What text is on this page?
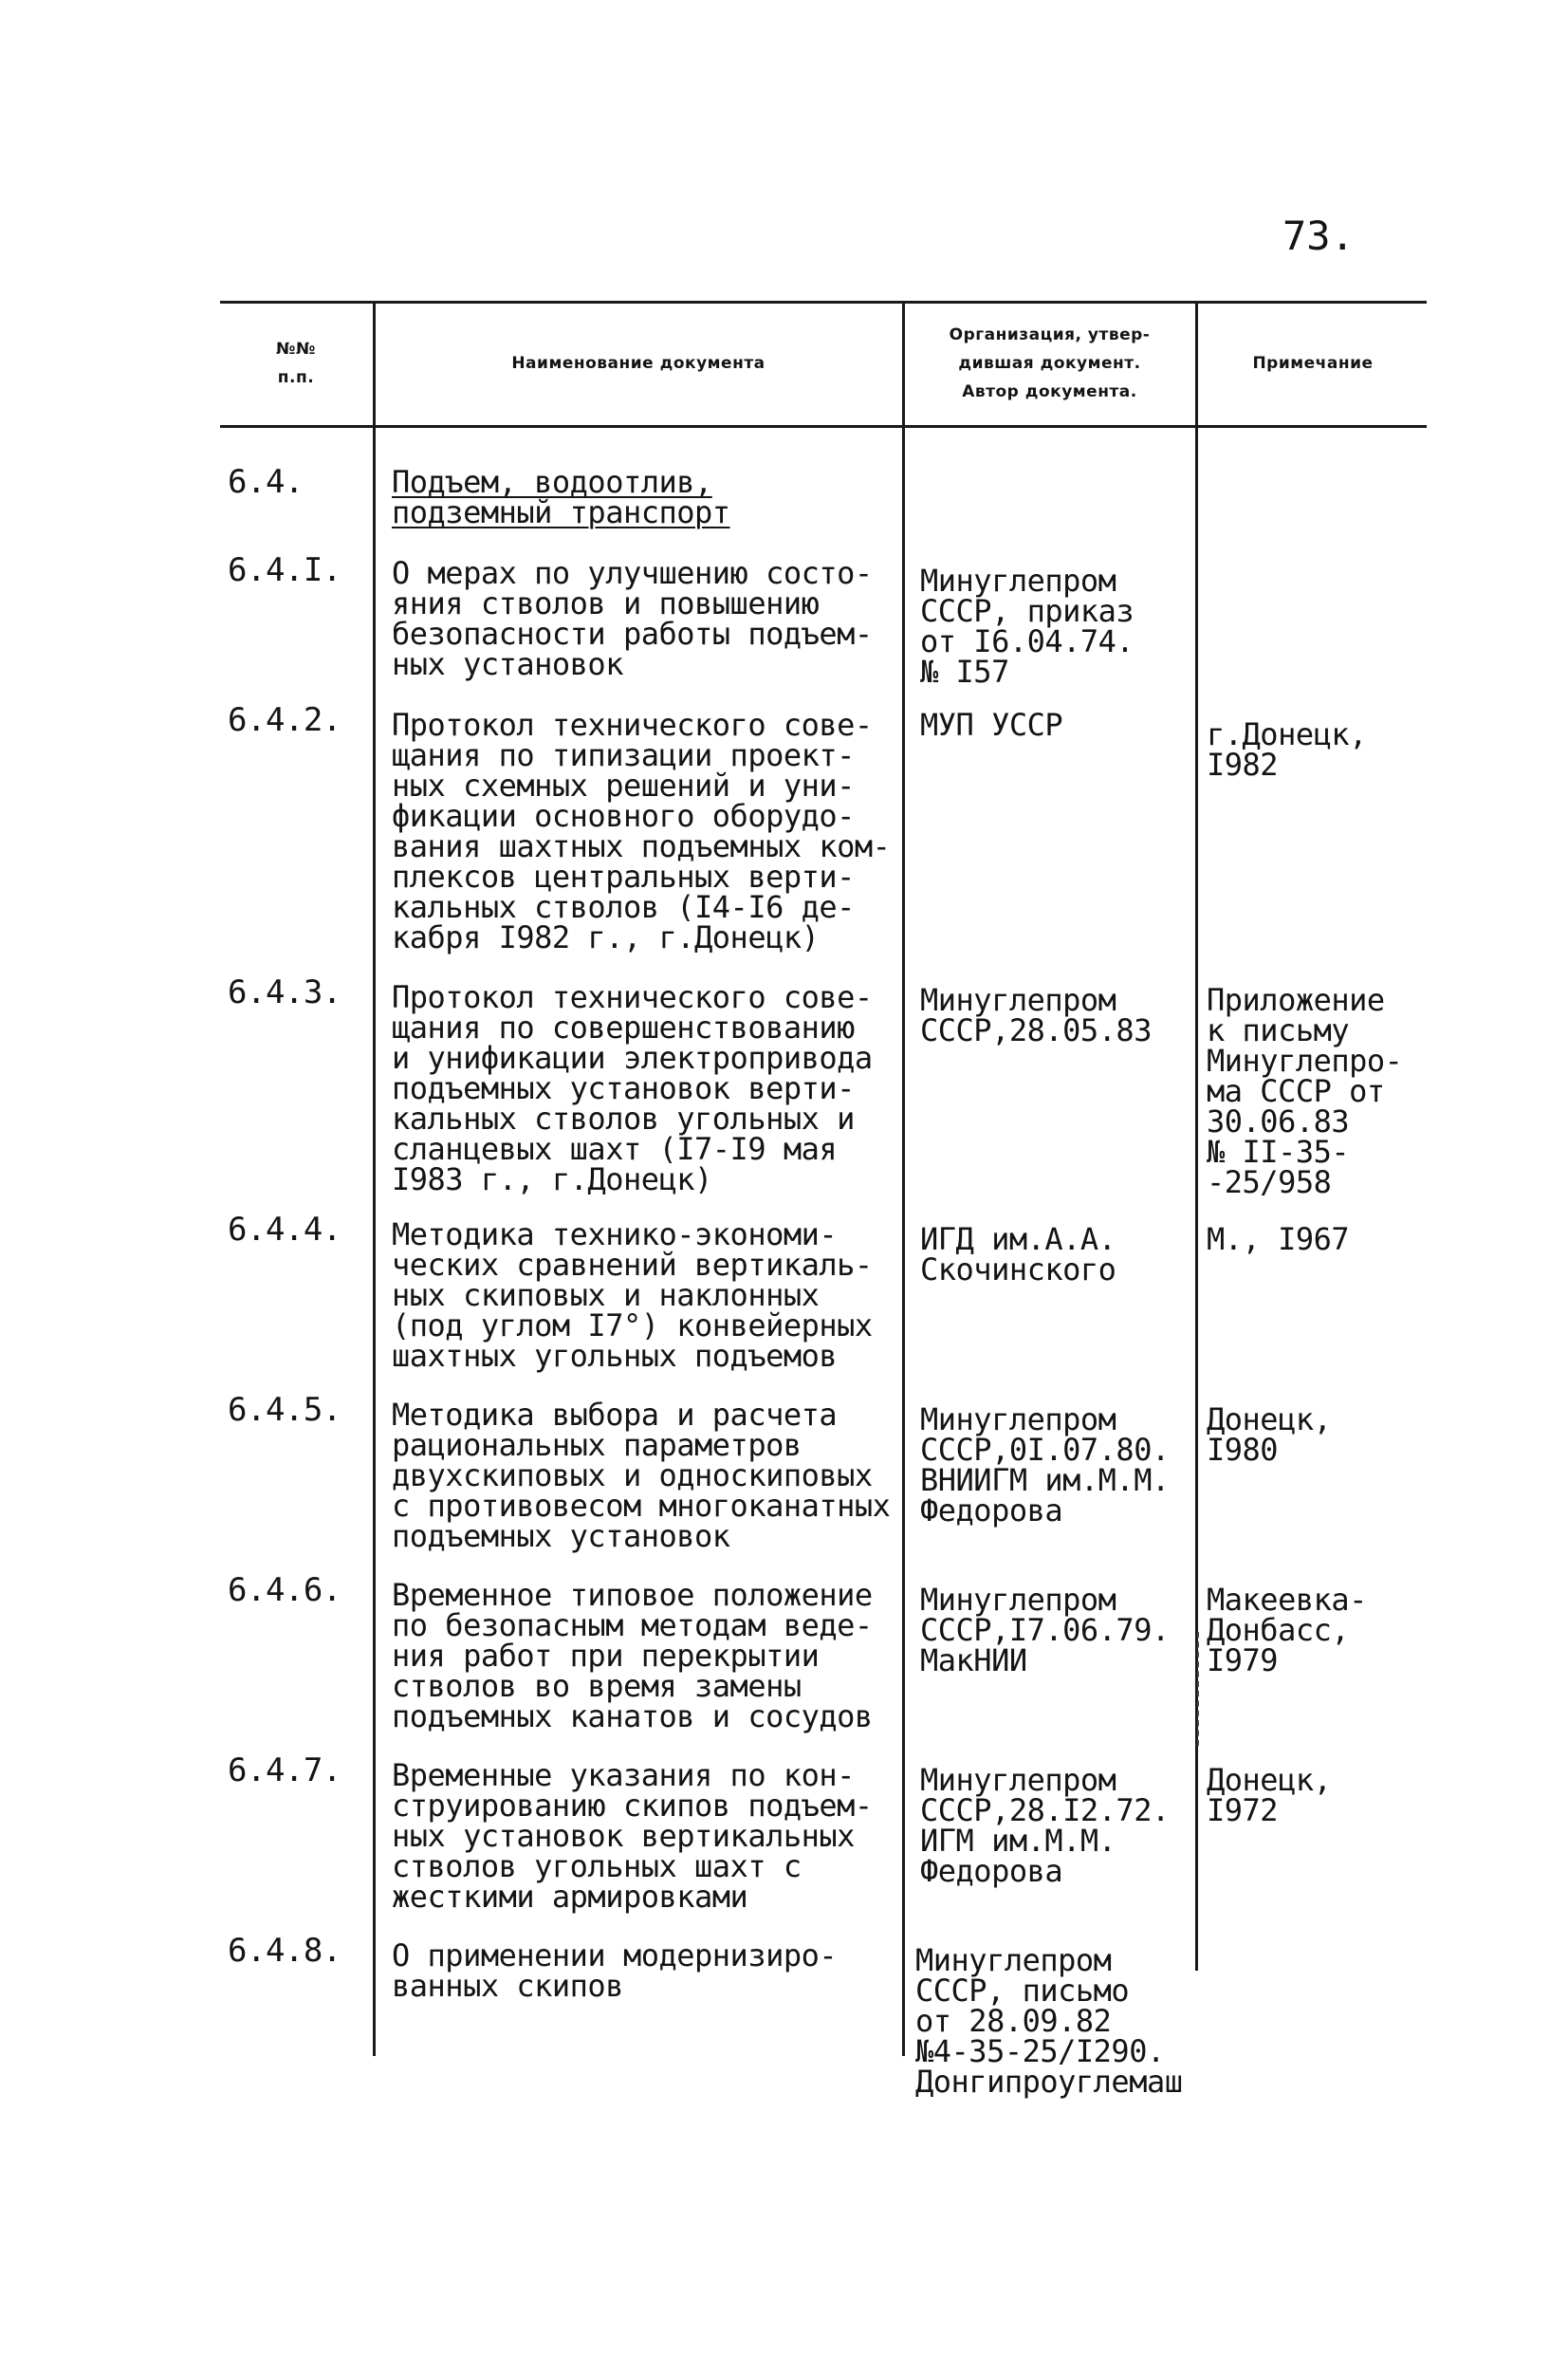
73.
№№
п.п.
Наименование документа
Организация, утвер-
дившая документ.
Автор документа.
Примечание
6.4.	Подъем, водоотлив,
подземный транспорт
6.4.I. О мерах по улучшению состо-
яния стволов и повышению
безопасности работы подъем-
ных установок
Минуглепром
СССР, приказ
от I6.04.74.
№ I57
6.4.2. Протокол технического сове-
щания по типизации проект-
ных схемных решений и уни-
фикации основного оборудо-
вания шахтных подъемных ком-
плексов центральных верти-
кальных стволов (I4-I6 де-
кабря I982 г., г.Донецк)
МУП УССР	г.Донецк,
I982
6.4.3. Протокол технического сове-
щания по совершенствованию
и унификации электропривода
подъемных установок верти-
кальных стволов угольных и
сланцевых шахт (I7-I9 мая
I983 г., г.Донецк)
Минуглепром
СССР,28.05.83
Приложение
к письму
Минуглепро-
ма СССР от
30.06.83
№ II-35-
-25/958
6.4.4. Методика технико-экономи-
ческих сравнений вертикаль-
ных скиповых и наклонных
(под углом I7°) конвейерных
шахтных угольных подъемов
ИГД им.А.А.
Скочинского
М., I967
6.4.5. Методика выбора и расчета
рациональных параметров
двухскиповых и односкиповых
с противовесом многоканатных
подъемных установок
Минуглепром
СССР,0I.07.80.
ВНИИГМ им.М.М.
Федорова
Донецк,
I980
6.4.6. Временное типовое положение
по безопасным методам веде-
ния работ при перекрытии
стволов во время замены
подъемных канатов и сосудов
Минуглепром
СССР,I7.06.79.
МакНИИ
Макеевка-
Донбасс,
I979
6.4.7. Временные указания по кон-
струированию скипов подъем-
ных установок вертикальных
стволов угольных шахт с
жесткими армировками
Минуглепром
СССР,28.I2.72.
ИГМ им.М.М.
Федорова
Донецк,
I972
6.4.8. О применении модернизиро-
ванных скипов
Минуглепром
СССР, письмо
от 28.09.82
№4-35-25/I290.
Донгипроуглемаш
